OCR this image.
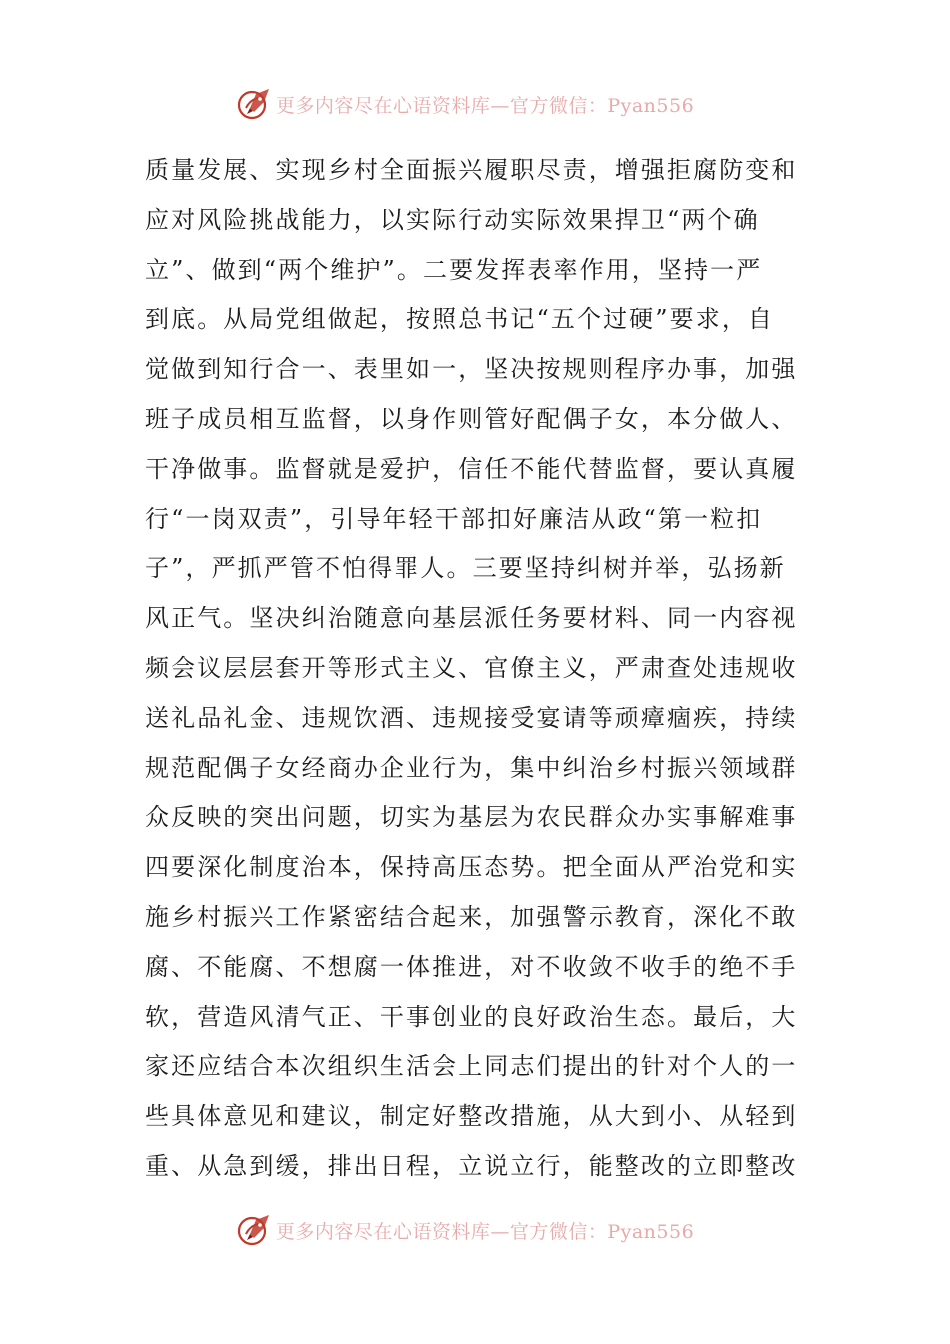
更多内容尽在心语资料库—官方微信：Pyan556
质量发展、实现乡村全面振兴履职尽责，增强拒腐防变和
应对风险挑战能力，以实际行动实际效果捍卫“两个确
立”、做到“两个维护”。二要发挥表率作用，坚持一严
到底。从局党组做起，按照总书记“五个过硬”要求，自
觉做到知行合一、表里如一，坚决按规则程序办事，加强
班子成员相互监督，以身作则管好配偶子女，本分做人、
干净做事。监督就是爱护，信任不能代替监督，要认真履
行“一岗双责”，引导年轻干部扣好廉洁从政“第一粒扣
子”，严抓严管不怕得罪人。三要坚持纠树并举，弘扬新
风正气。坚决纠治随意向基层派任务要材料、同一内容视
频会议层层套开等形式主义、官僚主义，严肃查处违规收
送礼品礼金、违规饮酒、违规接受宴请等顽瘴痼疾，持续
规范配偶子女经商办企业行为，集中纠治乡村振兴领域群
众反映的突出问题，切实为基层为农民群众办实事解难事
四要深化制度治本，保持高压态势。把全面从严治党和实
施乡村振兴工作紧密结合起来，加强警示教育，深化不敢
腐、不能腐、不想腐一体推进，对不收敛不收手的绝不手
软，营造风清气正、干事创业的良好政治生态。最后，大
家还应结合本次组织生活会上同志们提出的针对个人的一
些具体意见和建议，制定好整改措施，从大到小、从轻到
重、从急到缓，排出日程，立说立行，能整改的立即整改
更多内容尽在心语资料库—官方微信：Pyan556
